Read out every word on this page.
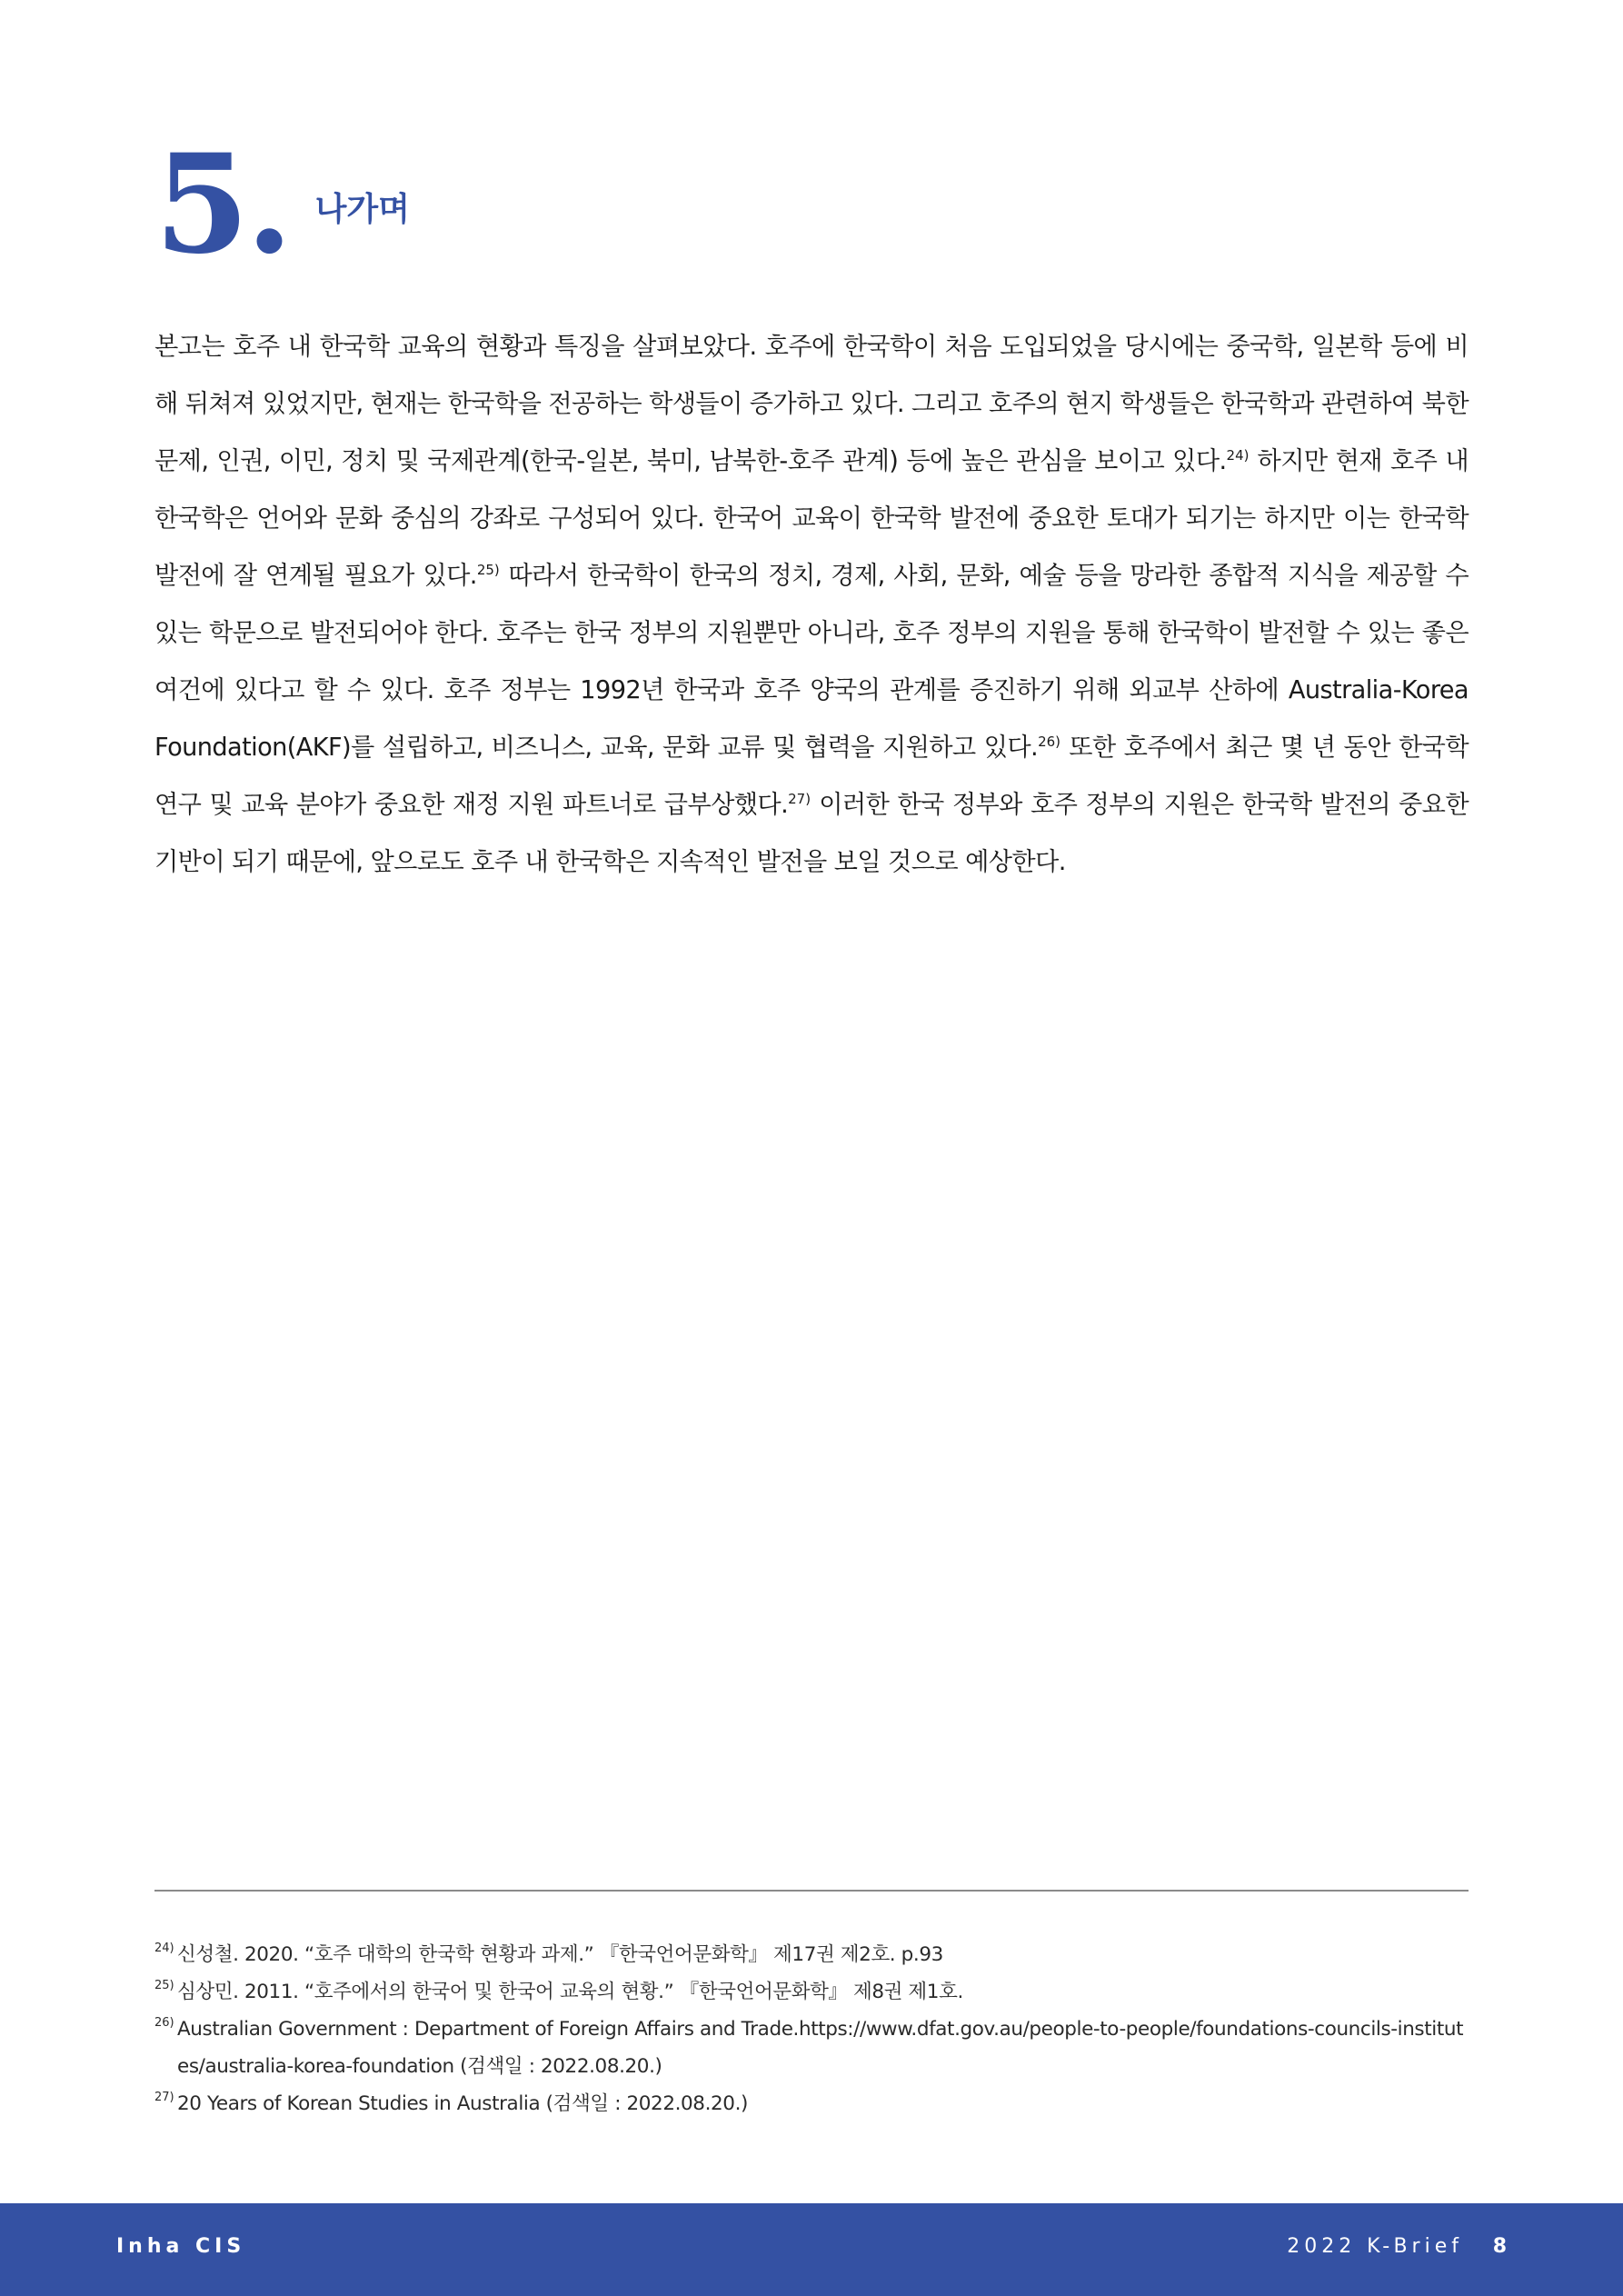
5. 나가며

본고는 호주 내 한국학 교육의 현황과 특징을 살펴보았다. 호주에 한국학이 처음 도입되었을 당시에는 중국학, 일본학 등에 비해 뒤쳐져 있었지만, 현재는 한국학을 전공하는 학생들이 증가하고 있다. 그리고 호주의 현지 학생들은 한국학과 관련하여 북한문제, 인권, 이민, 정치 및 국제관계(한국-일본, 북미, 남북한-호주 관계) 등에 높은 관심을 보이고 있다.$^{24)}$ 하지만 현재 호주 내 한국학은 언어와 문화 중심의 강좌로 구성되어 있다. 한국어 교육이 한국학 발전에 중요한 토대가 되기는 하지만 이는 한국학 발전에 잘 연계될 필요가 있다.$^{25)}$ 따라서 한국학이 한국의 정치, 경제, 사회, 문화, 예술 등을 망라한 종합적 지식을 제공할 수 있는 학문으로 발전되어야 한다. 호주는 한국 정부의 지원뿐만 아니라, 호주 정부의 지원을 통해 한국학이 발전할 수 있는 좋은 여건에 있다고 할 수 있다. 호주 정부는 1992년 한국과 호주 양국의 관계를 증진하기 위해 외교부 산하에 Australia-Korea Foundation(AKF)를 설립하고, 비즈니스, 교육, 문화 교류 및 협력을 지원하고 있다.$^{26)}$ 또한 호주에서 최근 몇 년 동안 한국학 연구 및 교육 분야가 중요한 재정 지원 파트너로 급부상했다.$^{27)}$ 이러한 한국 정부와 호주 정부의 지원은 한국학 발전의 중요한 기반이 되기 때문에, 앞으로도 호주 내 한국학은 지속적인 발전을 보일 것으로 예상한다.

24) 신성철. 2020. “호주 대학의 한국학 현황과 과제.” 『한국언어문화학』 제17권 제2호. p.93
25) 심상민. 2011. “호주에서의 한국어 및 한국어 교육의 현황.” 『한국언어문화학』 제8권 제1호.
26) Australian Government : Department of Foreign Affairs and Trade.https://www.dfat.gov.au/people-to-people/foundations-councils-institutes/australia-korea-foundation (검색일 : 2022.08.20.)
27) 20 Years of Korean Studies in Australia (검색일 : 2022.08.20.)
Inha CIS	2022 K-Brief 8
